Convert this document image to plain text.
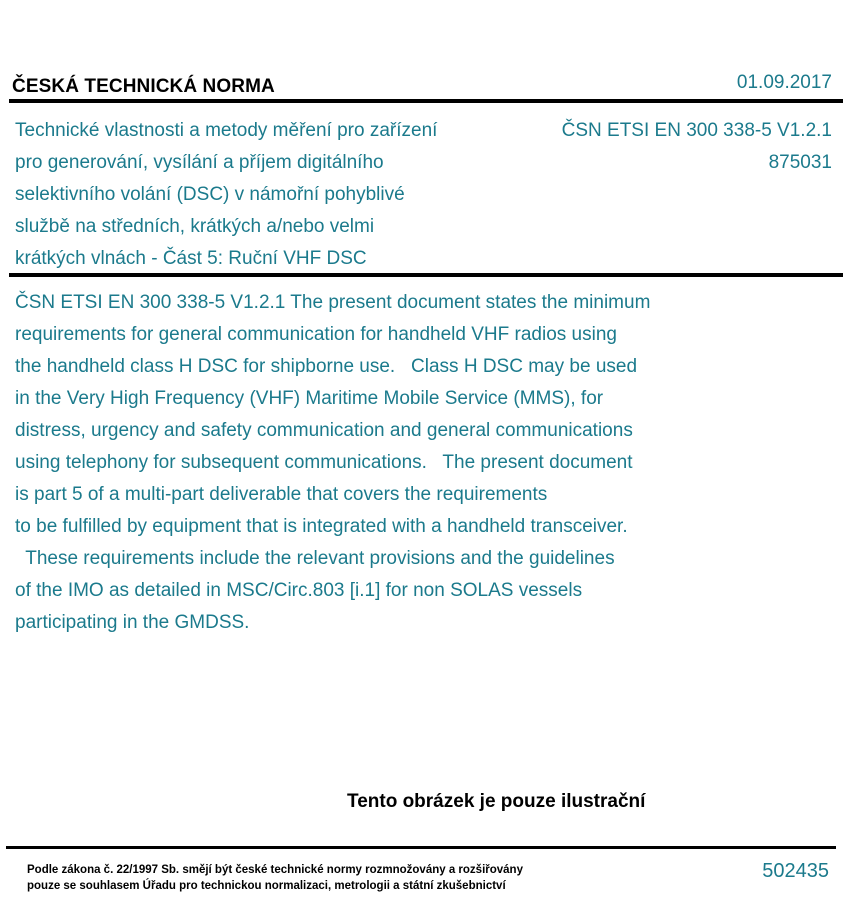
ČESKÁ TECHNICKÁ NORMA	01.09.2017
Technické vlastnosti a metody měření pro zařízení
pro generování, vysílání a příjem digitálního
selektivního volání (DSC) v námořní pohyblivé
službě na středních, krátkých a/nebo velmi
krátkých vlnách - Část 5: Ruční VHF DSC
ČSN ETSI EN 300 338-5 V1.2.1
875031
ČSN ETSI EN 300 338-5 V1.2.1 The present document states the minimum
requirements for general communication for handheld VHF radios using
the handheld class H DSC for shipborne use.   Class H DSC may be used
in the Very High Frequency (VHF) Maritime Mobile Service (MMS), for
distress, urgency and safety communication and general communications
using telephony for subsequent communications.   The present document
is part 5 of a multi-part deliverable that covers the requirements
to be fulfilled by equipment that is integrated with a handheld transceiver.
These requirements include the relevant provisions and the guidelines
of the IMO as detailed in MSC/Circ.803 [i.1] for non SOLAS vessels
participating in the GMDSS.
Tento obrázek je pouze ilustrační
Podle zákona č. 22/1997 Sb. smějí být české technické normy rozmnožovány a rozšiřovány
pouze se souhlasem Úřadu pro technickou normalizaci, metrologii a státní zkušebnictví
502435
